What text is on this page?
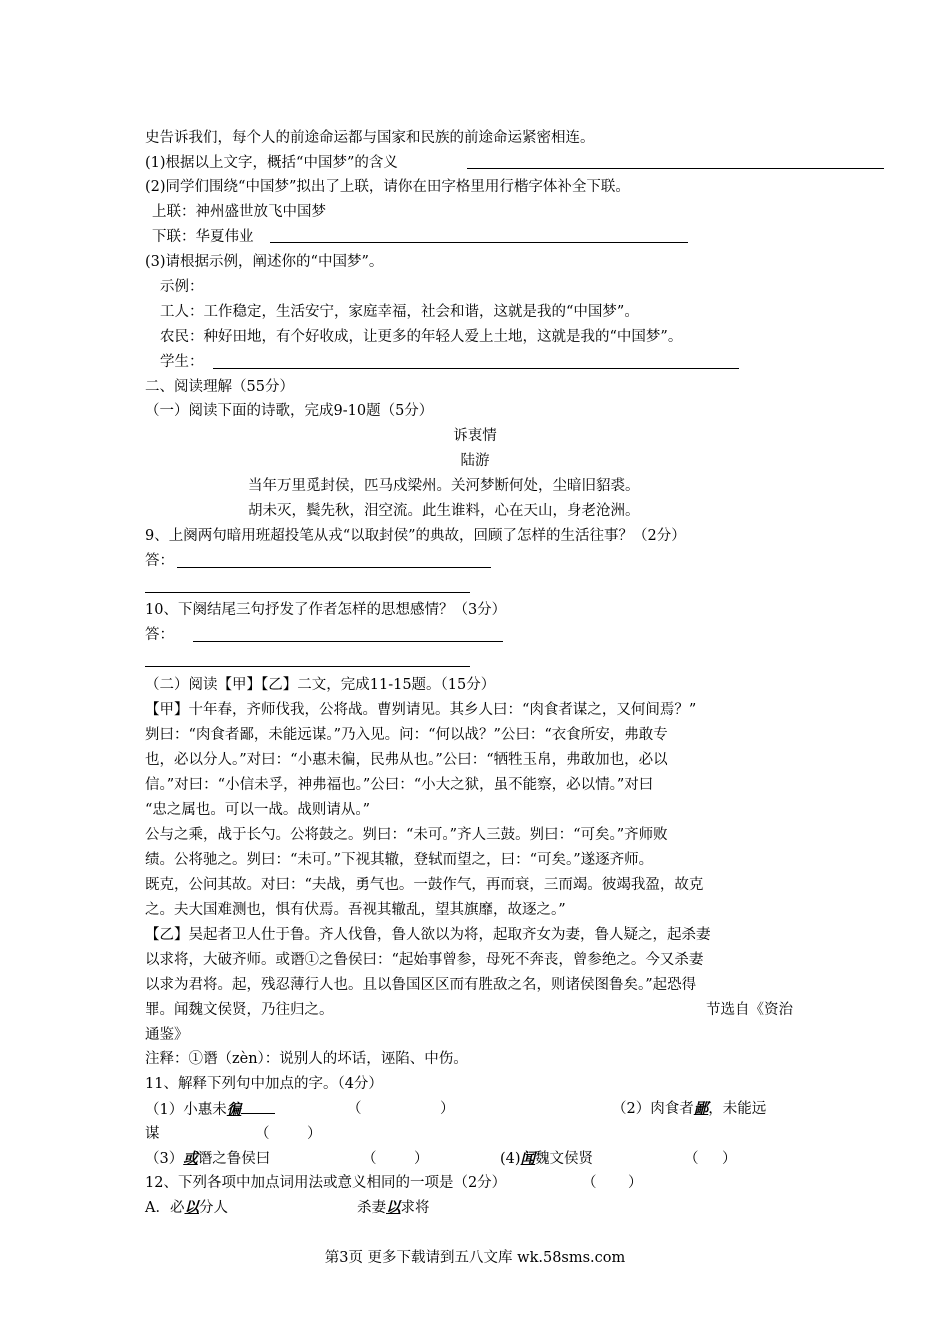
史告诉我们，每个人的前途命运都与国家和民族的前途命运紧密相连。
(1)根据以上文字，概括“中国梦”的含义
(2)同学们围绕“中国梦”拟出了上联，请你在田字格里用行楷字体补全下联。
上联：神州盛世放飞中国梦
下联：华夏伟业
(3)请根据示例，阐述你的“中国梦”。
示例：
工人：工作稳定，生活安宁，家庭幸福，社会和谐，这就是我的“中国梦”。
农民：种好田地，有个好收成，让更多的年轻人爱上土地，这就是我的“中国梦”。
学生：
二、阅读理解（55分）
（一）阅读下面的诗歌，完成9-10题（5分）
诉衷情
陆游
当年万里觅封侯，匹马戍梁州。关河梦断何处，尘暗旧貂裘。
胡未灭，鬓先秋，泪空流。此生谁料，心在天山，身老沧洲。
9、上阕两句暗用班超投笔从戎“以取封侯”的典故，回顾了怎样的生活往事？（2分）
答：
10、下阕结尾三句抒发了作者怎样的思想感情？（3分）
答：
（二）阅读【甲】【乙】二文，完成11-15题。（15分）
【甲】十年春，齐师伐我，公将战。曹刿请见。其乡人曰：“肉食者谋之，又何间焉？”
刿曰：“肉食者鄙，未能远谋。”乃入见。问：“何以战？”公曰：“衣食所安，弗敢专
也，必以分人。”对曰：“小惠未徧，民弗从也。”公曰：“牺牲玉帛，弗敢加也，必以
信。”对曰：“小信未孚，神弗福也。”公曰：“小大之狱，虽不能察，必以情。”对曰
“忠之属也。可以一战。战则请从。”
公与之乘，战于长勺。公将鼓之。刿曰：“未可。”齐人三鼓。刿曰：“可矣。”齐师败
绩。公将驰之。刿曰：“未可。”下视其辙，登轼而望之，曰：“可矣。”遂逐齐师。
既克，公问其故。对曰：“夫战，勇气也。一鼓作气，再而衰，三而竭。彼竭我盈，故克
之。夫大国难测也，惧有伏焉。吾视其辙乱，望其旗靡，故逐之。”
【乙】吴起者卫人仕于鲁。齐人伐鲁，鲁人欲以为将，起取齐女为妻，鲁人疑之，起杀妻
以求将，大破齐师。或谮①之鲁侯曰：“起始事曾参，母死不奔丧，曾参绝之。今又杀妻
以求为君将。起，残忍薄行人也。且以鲁国区区而有胜敌之名，则诸侯图鲁矣。”起恐得
罪。闻魏文侯贤，乃往归之。	节选自《资治
通鉴》
注释：①谮（zèn）：说别人的坏话，诬陷、中伤。
11、解释下列句中加点的字。（4分）
（1）小惠未徧	（	）	（2）肉食者鄙，未能远
谋	（	）
（3）或谮之鲁侯曰	（	）	(4)闻魏文侯贤	（ ）
12、下列各项中加点词用法或意义相同的一项是（2分）	（ ）
A．必以分人	杀妻以求将
第3页 更多下载请到五八文库 wk.58sms.com
